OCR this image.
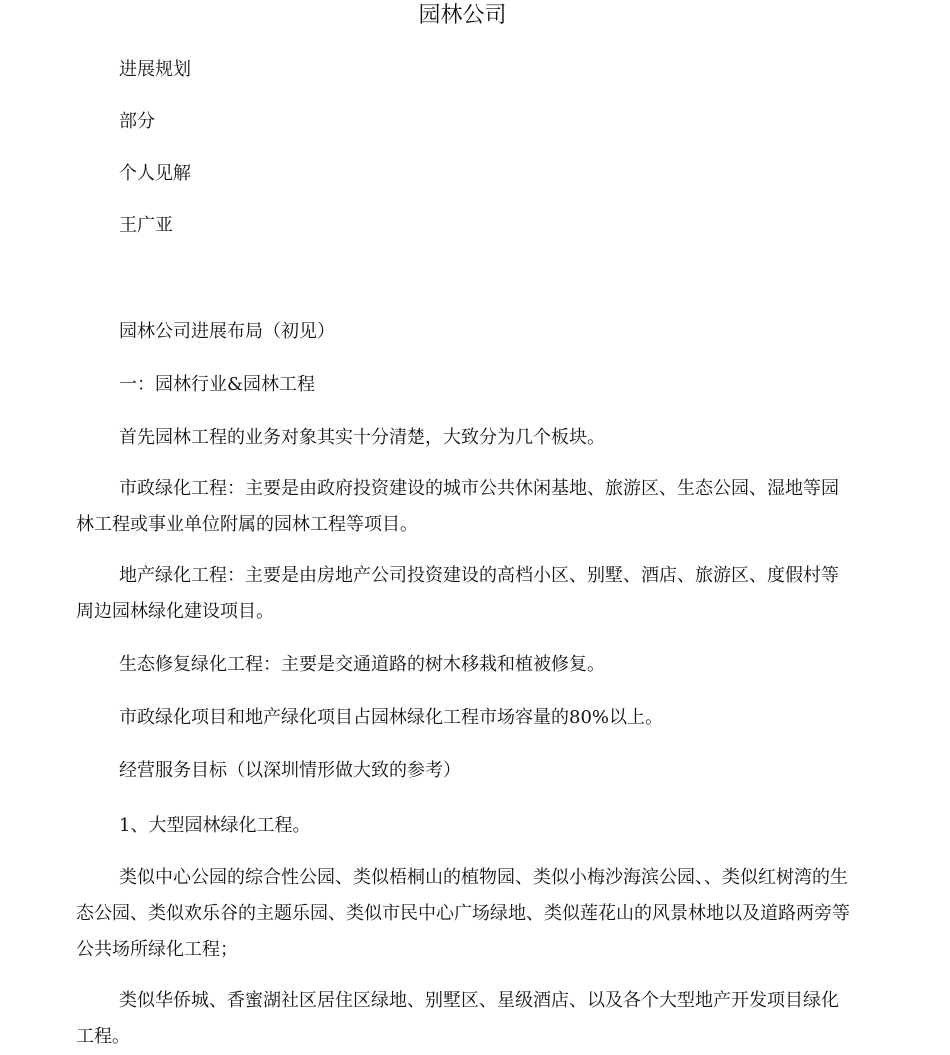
园林公司
进展规划
部分
个人见解
王广亚
园林公司进展布局（初见）
一：园林行业&园林工程
首先园林工程的业务对象其实十分清楚，大致分为几个板块。
市政绿化工程：主要是由政府投资建设的城市公共休闲基地、旅游区、生态公园、湿地等园林工程或事业单位附属的园林工程等项目。
地产绿化工程：主要是由房地产公司投资建设的高档小区、别墅、酒店、旅游区、度假村等周边园林绿化建设项目。
生态修复绿化工程：主要是交通道路的树木移栽和植被修复。
市政绿化项目和地产绿化项目占园林绿化工程市场容量的80%以上。
经营服务目标（以深圳情形做大致的参考）
1、大型园林绿化工程。
类似中心公园的综合性公园、类似梧桐山的植物园、类似小梅沙海滨公园、、类似红树湾的生态公园、类似欢乐谷的主题乐园、类似市民中心广场绿地、类似莲花山的风景林地以及道路两旁等公共场所绿化工程；
类似华侨城、香蜜湖社区居住区绿地、别墅区、星级酒店、以及各个大型地产开发项目绿化工程。
